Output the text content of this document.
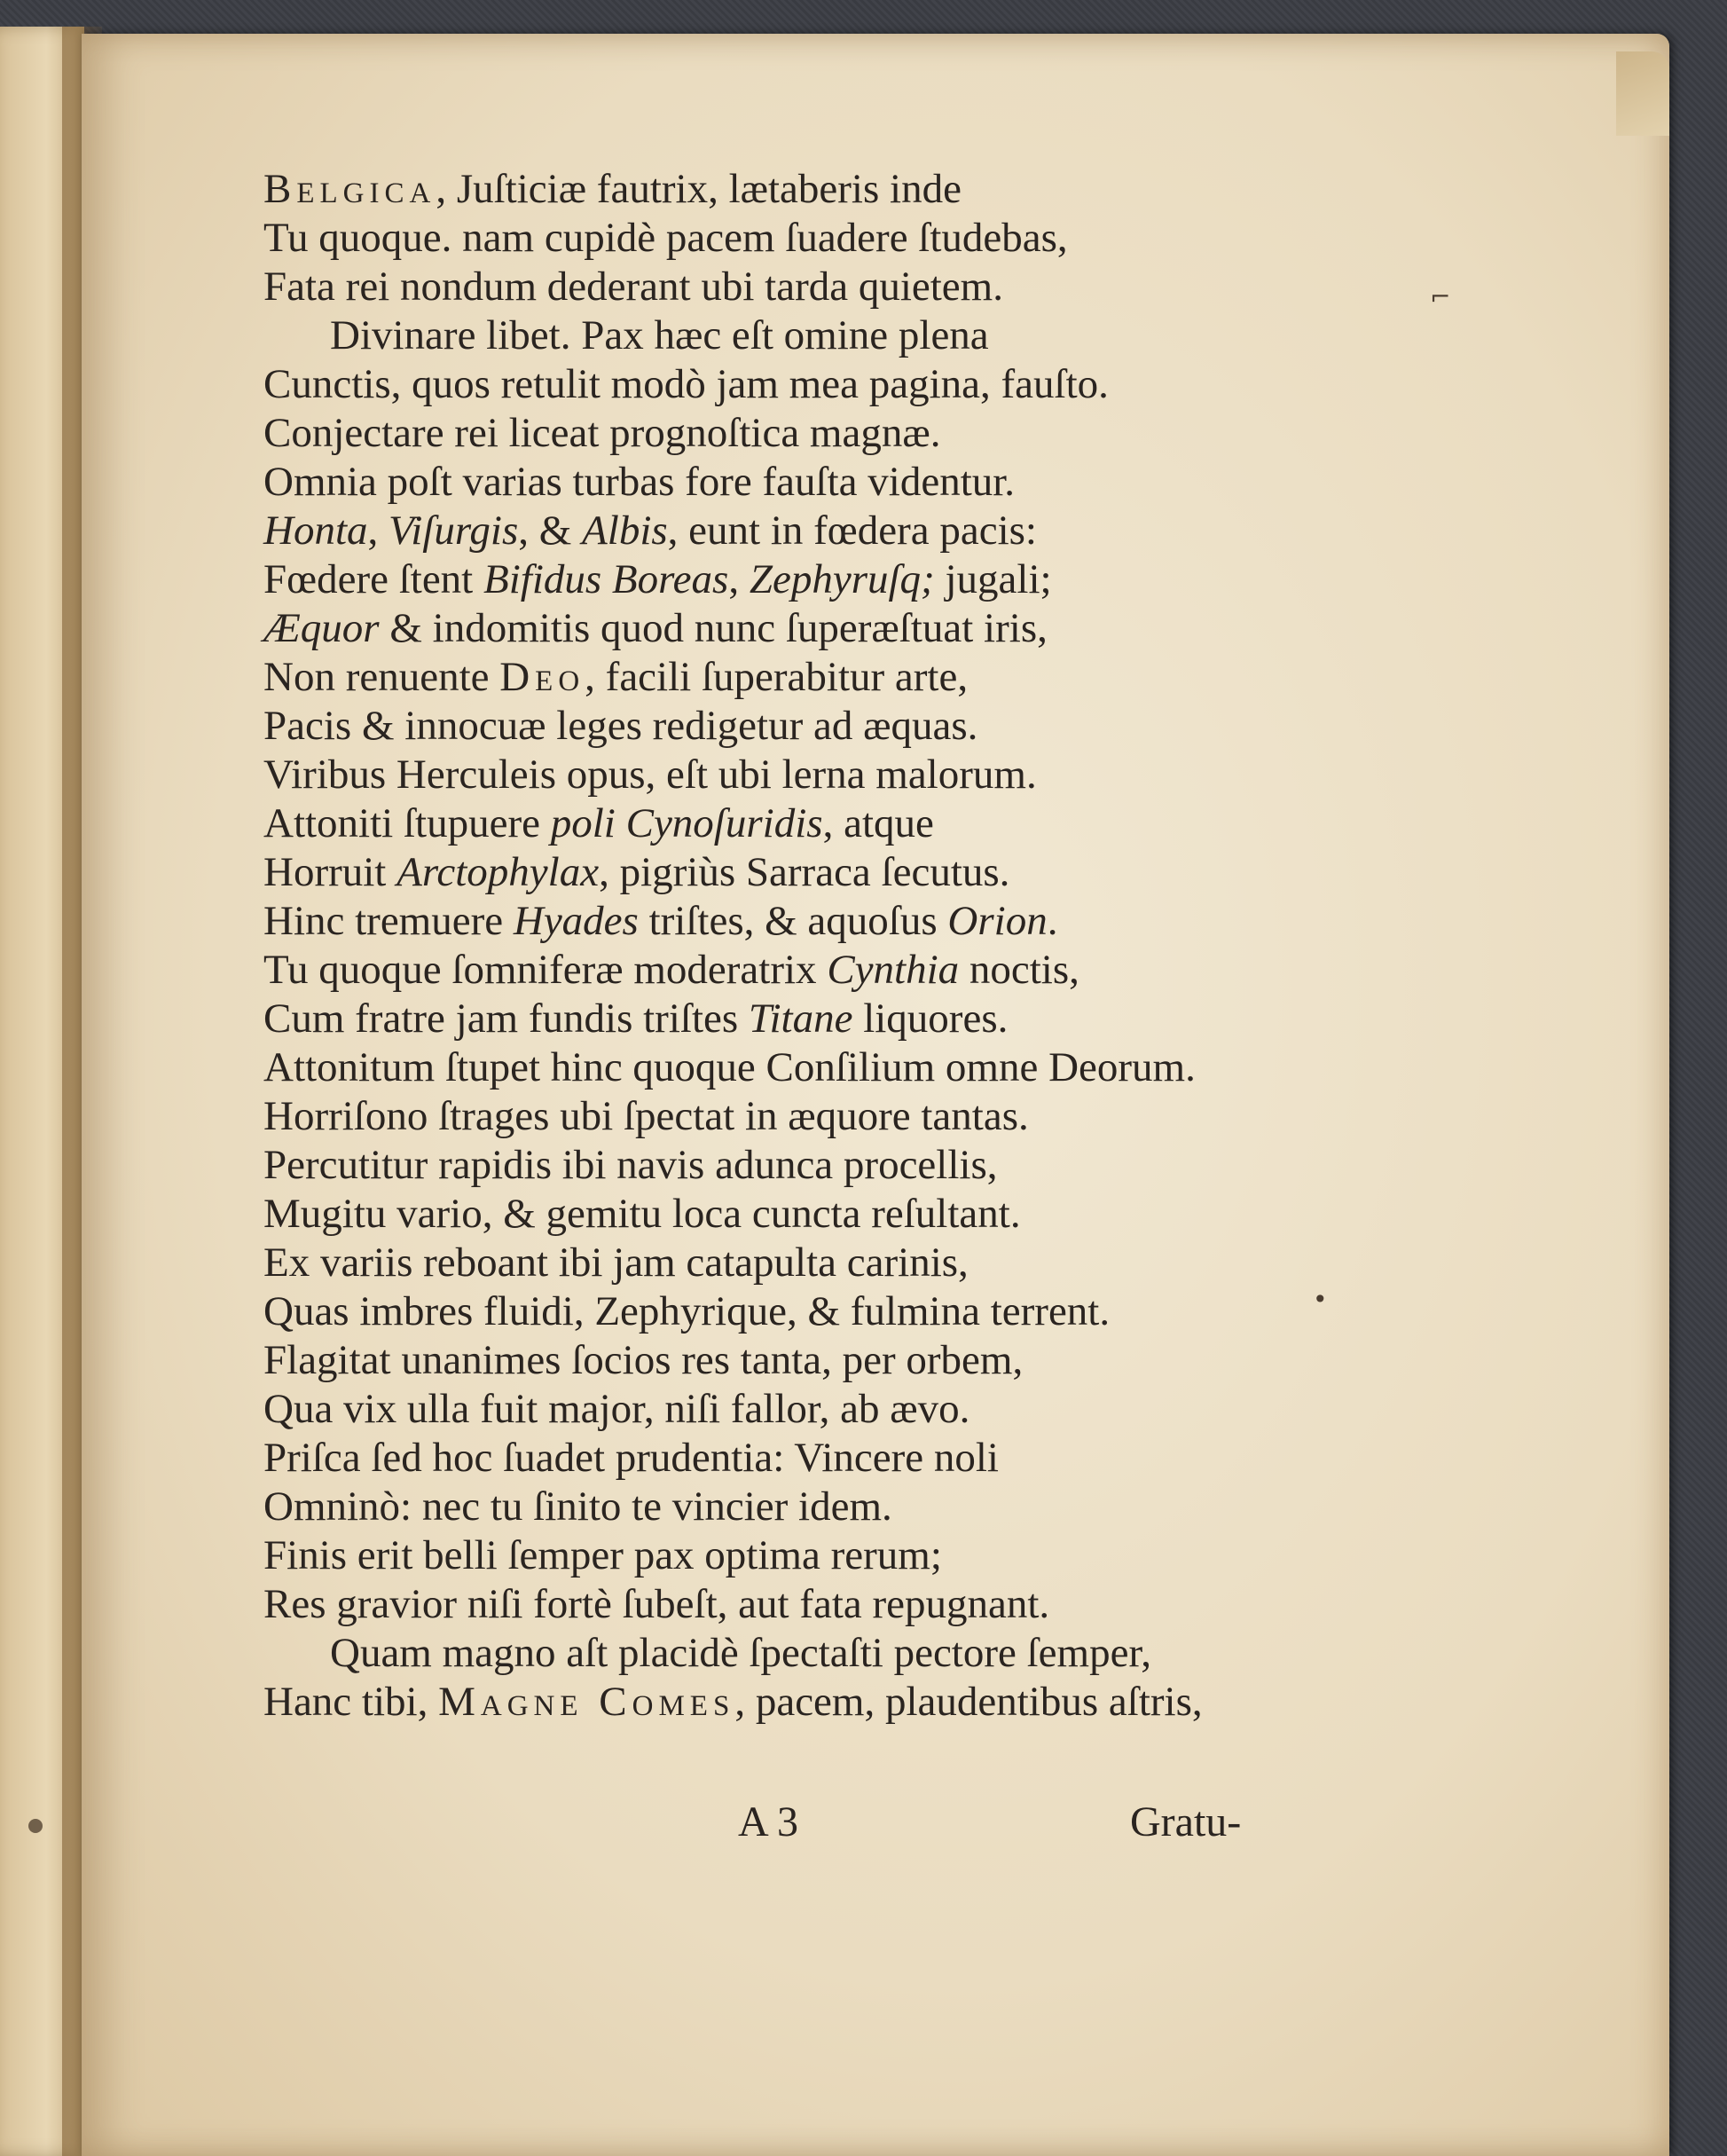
Belgica, Juſticiæ fautrix, lætaberis inde
Tu quoque. nam cupidè pacem ſuadere ſtudebas,
Fata rei nondum dederant ubi tarda quietem.
Divinare libet. Pax hæc eſt omine plena
Cunctis, quos retulit modò jam mea pagina, fauſto.
Conjectare rei liceat prognoſtica magnæ.
Omnia poſt varias turbas fore fauſta videntur.
Honta, Viſurgis, & Albis, eunt in fœdera pacis:
Fœdere ſtent Bifidus Boreas, Zephyruſq; jugali;
Æquor & indomitis quod nunc ſuperæſtuat iris,
Non renuente Deo, facili ſuperabitur arte,
Pacis & innocuæ leges redigetur ad æquas.
Viribus Herculeis opus, eſt ubi lerna malorum.
Attoniti ſtupuere poli Cynoſuridis, atque
Horruit Arctophylax, pigriùs Sarraca ſecutus.
Hinc tremuere Hyades triſtes, & aquoſus Orion.
Tu quoque ſomniferæ moderatrix Cynthia noctis,
Cum fratre jam fundis triſtes Titane liquores.
Attonitum ſtupet hinc quoque Conſilium omne Deorum.
Horriſono ſtrages ubi ſpectat in æquore tantas.
Percutitur rapidis ibi navis adunca procellis,
Mugitu vario, & gemitu loca cuncta reſultant.
Ex variis reboant ibi jam catapulta carinis,
Quas imbres fluidi, Zephyrique, & fulmina terrent.
Flagitat unanimes ſocios res tanta, per orbem,
Qua vix ulla fuit major, niſi fallor, ab ævo.
Priſca ſed hoc ſuadet prudentia: Vincere noli
Omninò: nec tu ſinito te vincier idem.
Finis erit belli ſemper pax optima rerum;
Res gravior niſi fortè ſubeſt, aut fata repugnant.
Quam magno aſt placidè ſpectaſti pectore ſemper,
Hanc tibi, Magne Comes, pacem, plaudentibus aſtris,
A 3	Gratu-
⌐
•
